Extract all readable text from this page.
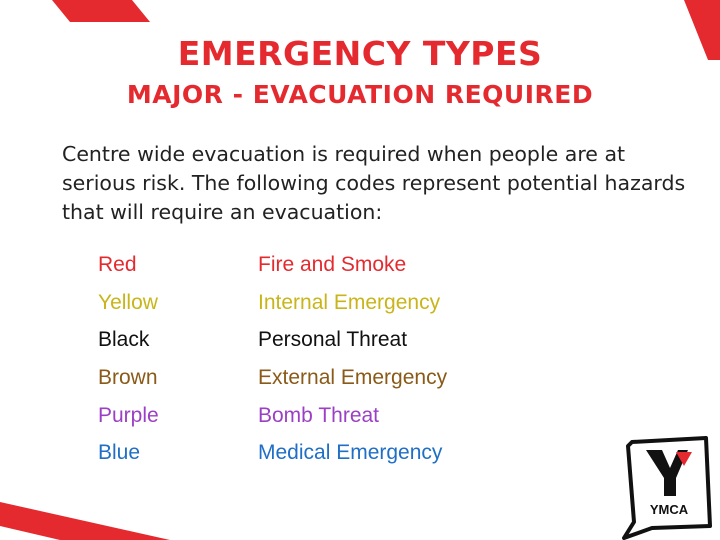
EMERGENCY TYPES
MAJOR - EVACUATION REQUIRED

Centre wide evacuation is required when people are at serious risk. The following codes represent potential hazards that will require an evacuation:

Red	Fire and Smoke
Yellow	Internal Emergency
Black	Personal Threat
Brown	External Emergency
Purple	Bomb Threat
Blue	Medical Emergency
YMCA
